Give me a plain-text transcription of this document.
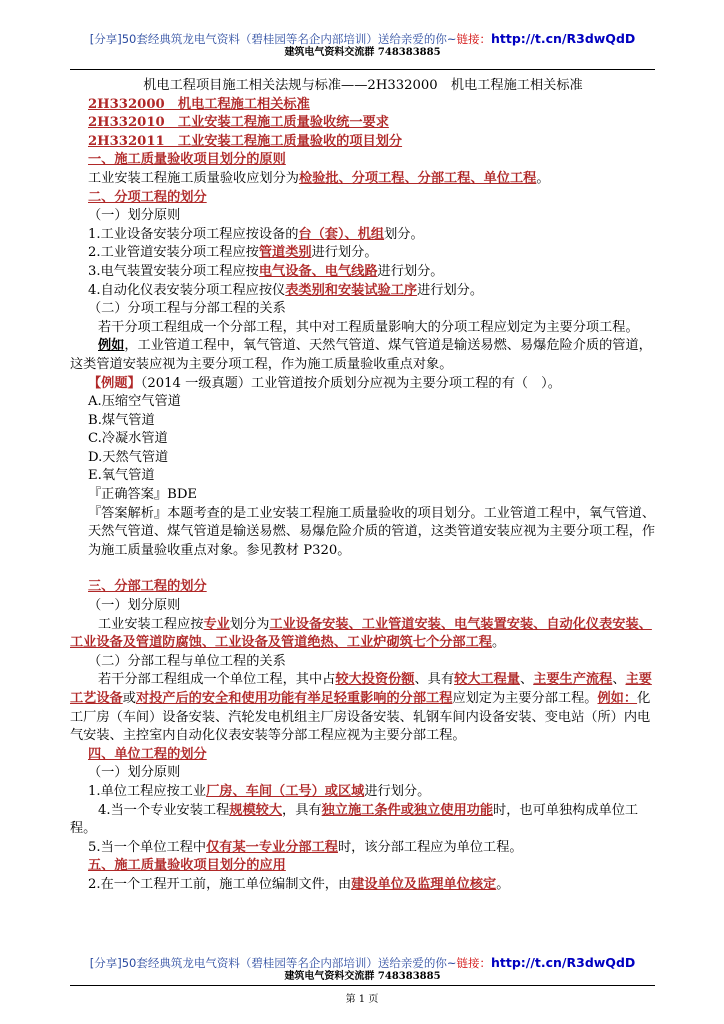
[分享]50套经典筑龙电气资料（碧桂园等名企内部培训）送给亲爱的你~链接：http://t.cn/R3dwQdD
建筑电气资料交流群 748383885

机电工程项目施工相关法规与标准——2H332000　机电工程施工相关标准

2H332000　机电工程施工相关标准

2H332010　工业安装工程施工质量验收统一要求

2H332011　工业安装工程施工质量验收的项目划分

一、施工质量验收项目划分的原则

工业安装工程施工质量验收应划分为检验批、分项工程、分部工程、单位工程。

二、分项工程的划分

（一）划分原则

1.工业设备安装分项工程应按设备的台（套）、机组划分。

2.工业管道安装分项工程应按管道类别进行划分。

3.电气装置安装分项工程应按电气设备、电气线路进行划分。

4.自动化仪表安装分项工程应按仪表类别和安装试验工序进行划分。

（二）分项工程与分部工程的关系

若干分项工程组成一个分部工程，其中对工程质量影响大的分项工程应划定为主要分项工程。

例如，工业管道工程中，氧气管道、天然气管道、煤气管道是输送易燃、易爆危险介质的管道，这类管道安装应视为主要分项工程，作为施工质量验收重点对象。

【例题】（2014 一级真题）工业管道按介质划分应视为主要分项工程的有（　）。

A.压缩空气管道

B.煤气管道

C.冷凝水管道

D.天然气管道

E.氧气管道

『正确答案』BDE

『答案解析』本题考查的是工业安装工程施工质量验收的项目划分。工业管道工程中，氧气管道、天然气管道、煤气管道是输送易燃、易爆危险介质的管道，这类管道安装应视为主要分项工程，作为施工质量验收重点对象。参见教材 P320。

三、分部工程的划分

（一）划分原则

工业安装工程应按专业划分为工业设备安装、工业管道安装、电气装置安装、自动化仪表安装、工业设备及管道防腐蚀、工业设备及管道绝热、工业炉砌筑七个分部工程。

（二）分部工程与单位工程的关系

若干分部工程组成一个单位工程，其中占较大投资份额、具有较大工程量、主要生产流程、主要工艺设备或对投产后的安全和使用功能有举足轻重影响的分部工程应划定为主要分部工程。例如：化工厂房（车间）设备安装、汽轮发电机组主厂房设备安装、轧钢车间内设备安装、变电站（所）内电气安装、主控室内自动化仪表安装等分部工程应视为主要分部工程。

四、单位工程的划分

（一）划分原则

1.单位工程应按工业厂房、车间（工号）或区域进行划分。

4.当一个专业安装工程规模较大，具有独立施工条件或独立使用功能时，也可单独构成单位工程。

5.当一个单位工程中仅有某一专业分部工程时，该分部工程应为单位工程。

五、施工质量验收项目划分的应用

2.在一个工程开工前，施工单位编制文件，由建设单位及监理单位核定。

[分享]50套经典筑龙电气资料（碧桂园等名企内部培训）送给亲爱的你~链接：http://t.cn/R3dwQdD
建筑电气资料交流群 748383885
第 1 页
